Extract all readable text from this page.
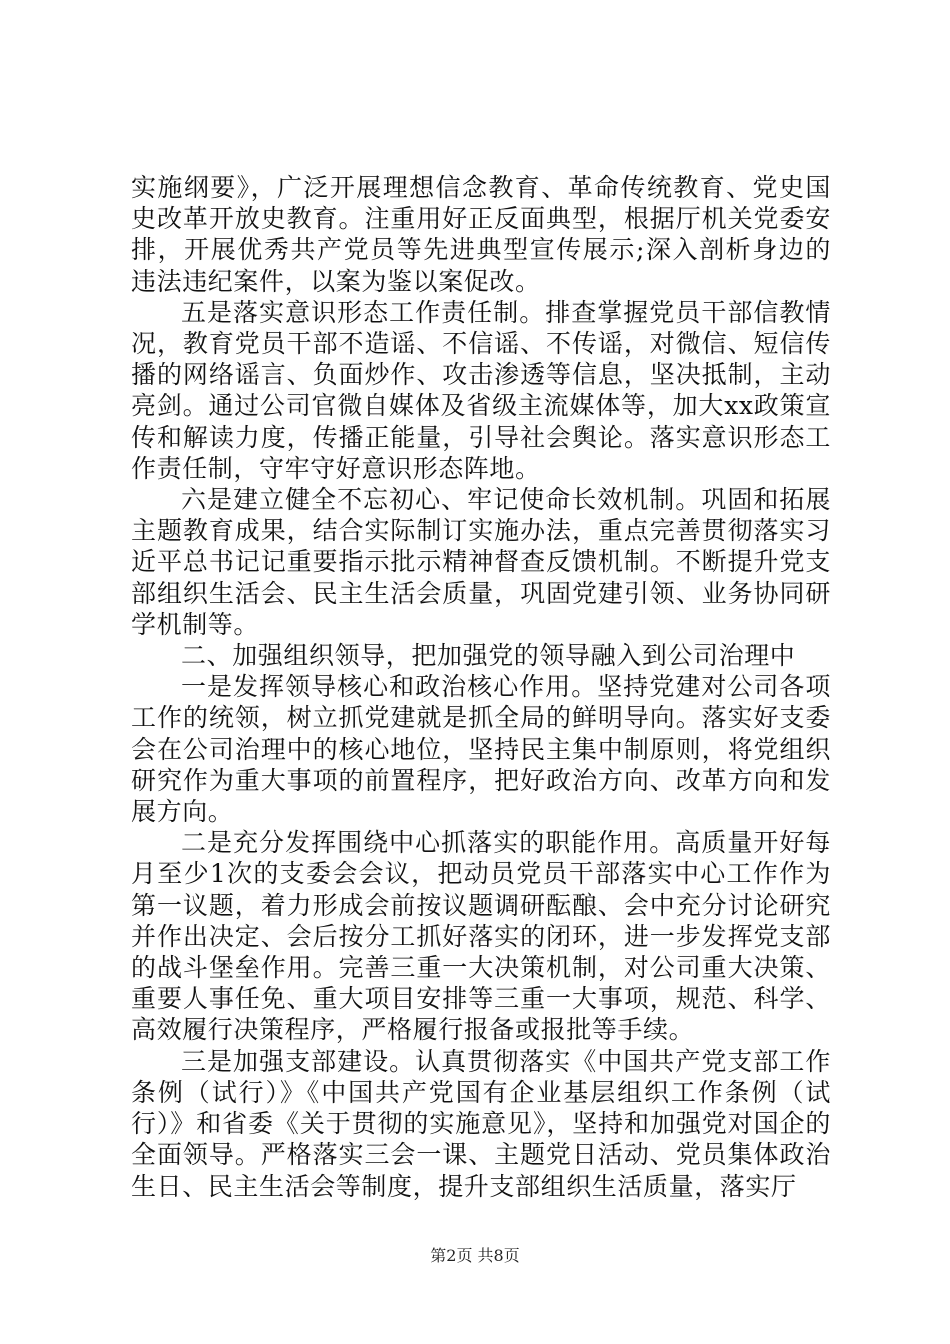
实施纲要》，广泛开展理想信念教育、革命传统教育、党史国史改革开放史教育。注重用好正反面典型，根据厅机关党委安排，开展优秀共产党员等先进典型宣传展示;深入剖析身边的违法违纪案件，以案为鉴以案促改。

五是落实意识形态工作责任制。排查掌握党员干部信教情况，教育党员干部不造谣、不信谣、不传谣，对微信、短信传播的网络谣言、负面炒作、攻击渗透等信息，坚决抵制，主动亮剑。通过公司官微自媒体及省级主流媒体等，加大xx政策宣传和解读力度，传播正能量，引导社会舆论。落实意识形态工作责任制，守牢守好意识形态阵地。

六是建立健全不忘初心、牢记使命长效机制。巩固和拓展主题教育成果，结合实际制订实施办法，重点完善贯彻落实习近平总书记记重要指示批示精神督查反馈机制。不断提升党支部组织生活会、民主生活会质量，巩固党建引领、业务协同研学机制等。

二、加强组织领导，把加强党的领导融入到公司治理中

一是发挥领导核心和政治核心作用。坚持党建对公司各项工作的统领，树立抓党建就是抓全局的鲜明导向。落实好支委会在公司治理中的核心地位，坚持民主集中制原则，将党组织研究作为重大事项的前置程序，把好政治方向、改革方向和发展方向。

二是充分发挥围绕中心抓落实的职能作用。高质量开好每月至少1次的支委会会议，把动员党员干部落实中心工作作为第一议题，着力形成会前按议题调研酝酿、会中充分讨论研究并作出决定、会后按分工抓好落实的闭环，进一步发挥党支部的战斗堡垒作用。完善三重一大决策机制，对公司重大决策、重要人事任免、重大项目安排等三重一大事项，规范、科学、高效履行决策程序，严格履行报备或报批等手续。

三是加强支部建设。认真贯彻落实《中国共产党支部工作条例（试行）》《中国共产党国有企业基层组织工作条例（试行）》和省委《关于贯彻的实施意见》，坚持和加强党对国企的全面领导。严格落实三会一课、主题党日活动、党员集体政治生日、民主生活会等制度，提升支部组织生活质量，落实厅

第2页 共8页
